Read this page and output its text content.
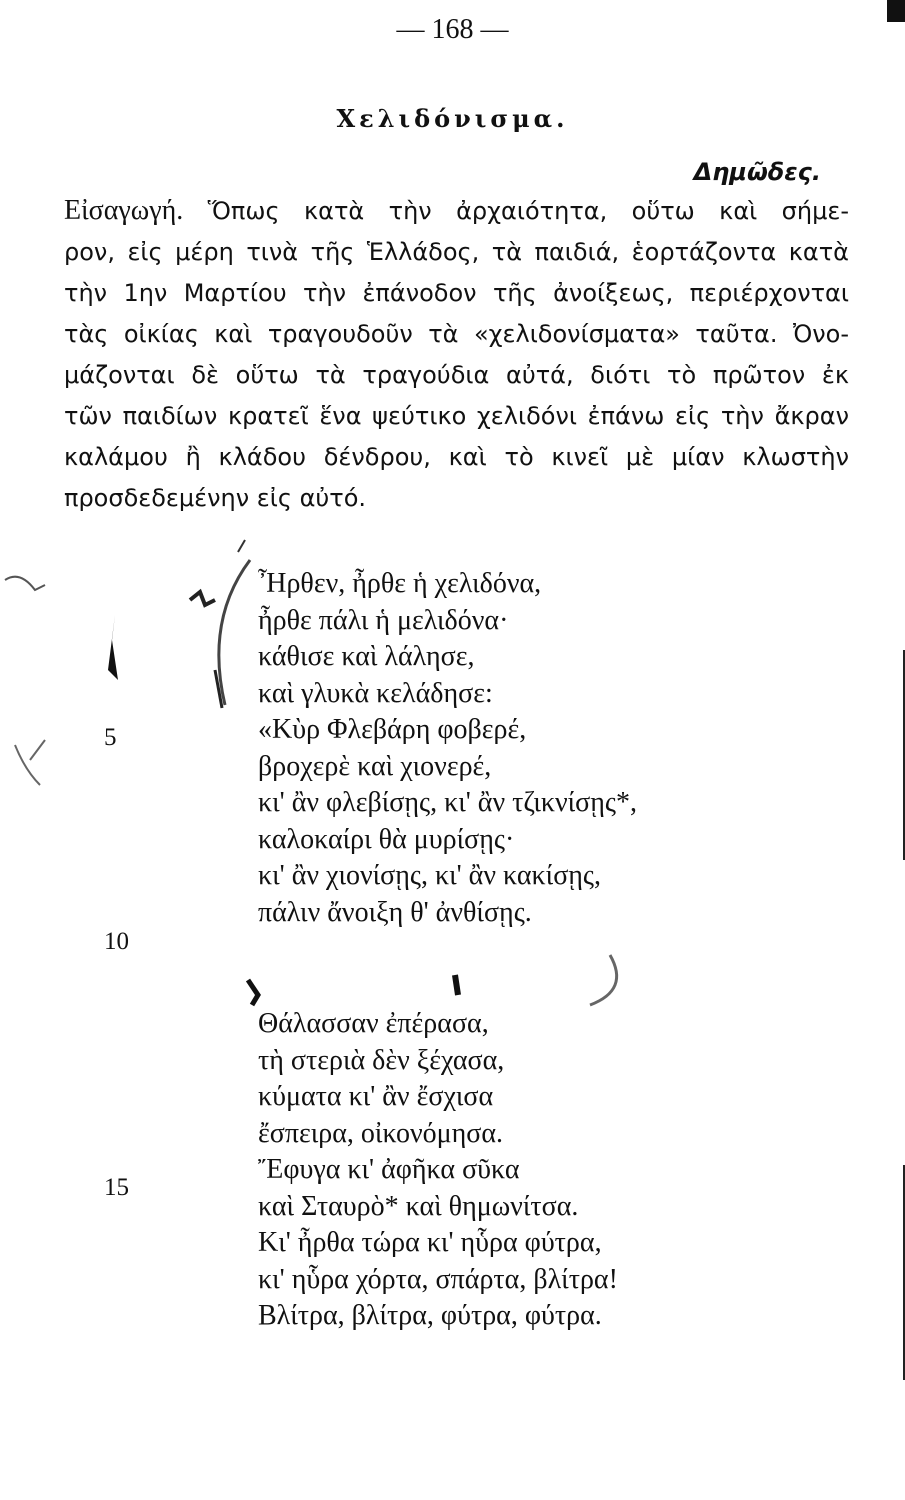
— 168 —
Χελιδόνισμα.
Δημῶδες.
Εἰσαγωγή. Ὅπως κατὰ τὴν ἀρχαιότητα, οὕτω καὶ σήμε-
ρον, εἰς μέρη τινὰ τῆς Ἑλλάδος, τὰ παιδιά, ἑορτάζοντα κατὰ
τὴν 1ην Μαρτίου τὴν ἐπάνοδον τῆς ἀνοίξεως, περιέρχονται
τὰς οἰκίας καὶ τραγουδοῦν τὰ «χελιδονίσματα» ταῦτα. Ὀνο-
μάζονται δὲ οὕτω τὰ τραγούδια αὐτά, διότι τὸ πρῶτον ἐκ
τῶν παιδίων κρατεῖ ἕνα ψεύτικο χελιδόνι ἐπάνω εἰς τὴν ἄκραν
καλάμου ἢ κλάδου δένδρου, καὶ τὸ κινεῖ μὲ μίαν κλωστὴν
προσδεδεμένην εἰς αὐτό.
Ἦρθεν, ἦρθε ἡ χελιδόνα,
ἦρθε πάλι ἡ μελιδόνα·
κάθισε καὶ λάλησε,
καὶ γλυκὰ κελάδησε:
«Κὺρ Φλεβάρη φοβερέ,
βροχερὲ καὶ χιονερέ,
κι' ἂν φλεβίσῃς, κι' ἂν τζικνίσῃς*,
καλοκαίρι θὰ μυρίσῃς·
κι' ἂν χιονίσῃς, κι' ἂν κακίσῃς,
πάλιν ἄνοιξη θ' ἀνθίσῃς.
Θάλασσαν ἐπέρασα,
τὴ στεριὰ δὲν ξέχασα,
κύματα κι' ἂν ἔσχισα
ἔσπειρα, οἰκονόμησα.
Ἔφυγα κι' ἀφῆκα σῦκα
καὶ Σταυρὸ* καὶ θημωνίτσα.
Κι' ἦρθα τώρα κι' ηὗρα φύτρα,
κι' ηὗρα χόρτα, σπάρτα, βλίτρα!
Βλίτρα, βλίτρα, φύτρα, φύτρα.
5
10
15
